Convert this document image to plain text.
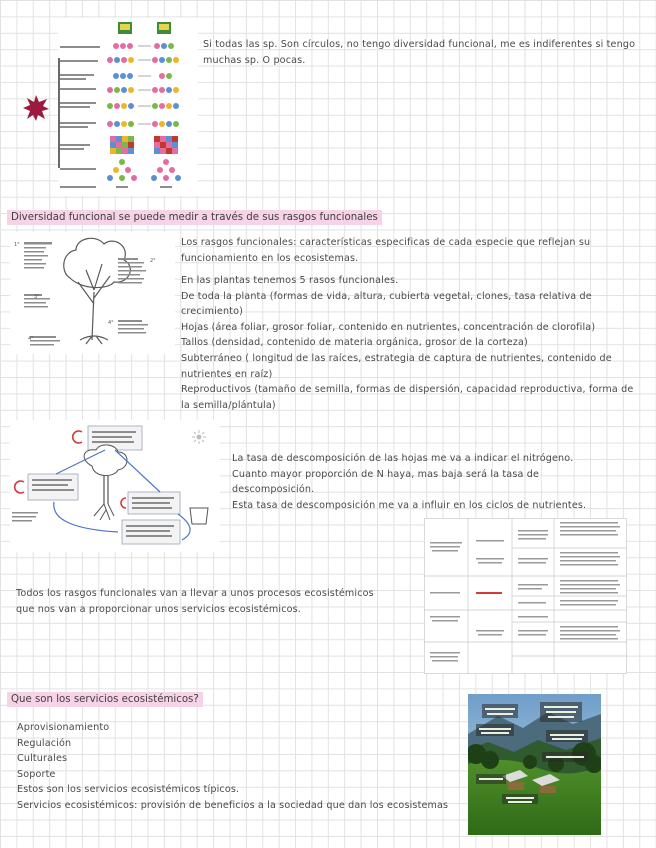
Si todas las sp. Son círculos, no tengo diversidad funcional, me es indiferentes si tengo muchas sp. O pocas.
Diversidad funcional se puede medir a través de sus rasgos funcionales
1°
2°
3°
4°
4°
Los rasgos funcionales: características especificas de cada especie que reflejan su funcionamiento en los ecosistemas.

En las plantas tenemos 5 rasos funcionales.

De toda la planta (formas de vida, altura, cubierta vegetal, clones, tasa relativa de crecimiento)

Hojas (área foliar, grosor foliar, contenido en nutrientes, concentración de clorofila)

Tallos (densidad, contenido de materia orgánica, grosor de la corteza)

Subterráneo ( longitud de las raíces, estrategia de captura de nutrientes, contenido de nutrientes en raíz)

Reproductivos (tamaño de semilla, formas de dispersión, capacidad reproductiva, forma de la semilla/plántula)

La tasa de descomposición de las hojas me va a indicar el nitrógeno.

Cuanto mayor proporción de N haya, mas baja será la tasa de descomposición.

Esta tasa de descomposición me va a influir en los ciclos de nutrientes.

Todos los rasgos funcionales van a llevar a unos procesos ecosistémicos que nos van a proporcionar unos servicios ecosistémicos.
Que son los servicios ecosistémicos?

Aprovisionamiento

Regulación

Culturales

Soporte

Estos son los servicios ecosistémicos típicos.

Servicios ecosistémicos: provisión de beneficios a la sociedad que dan los ecosistemas
